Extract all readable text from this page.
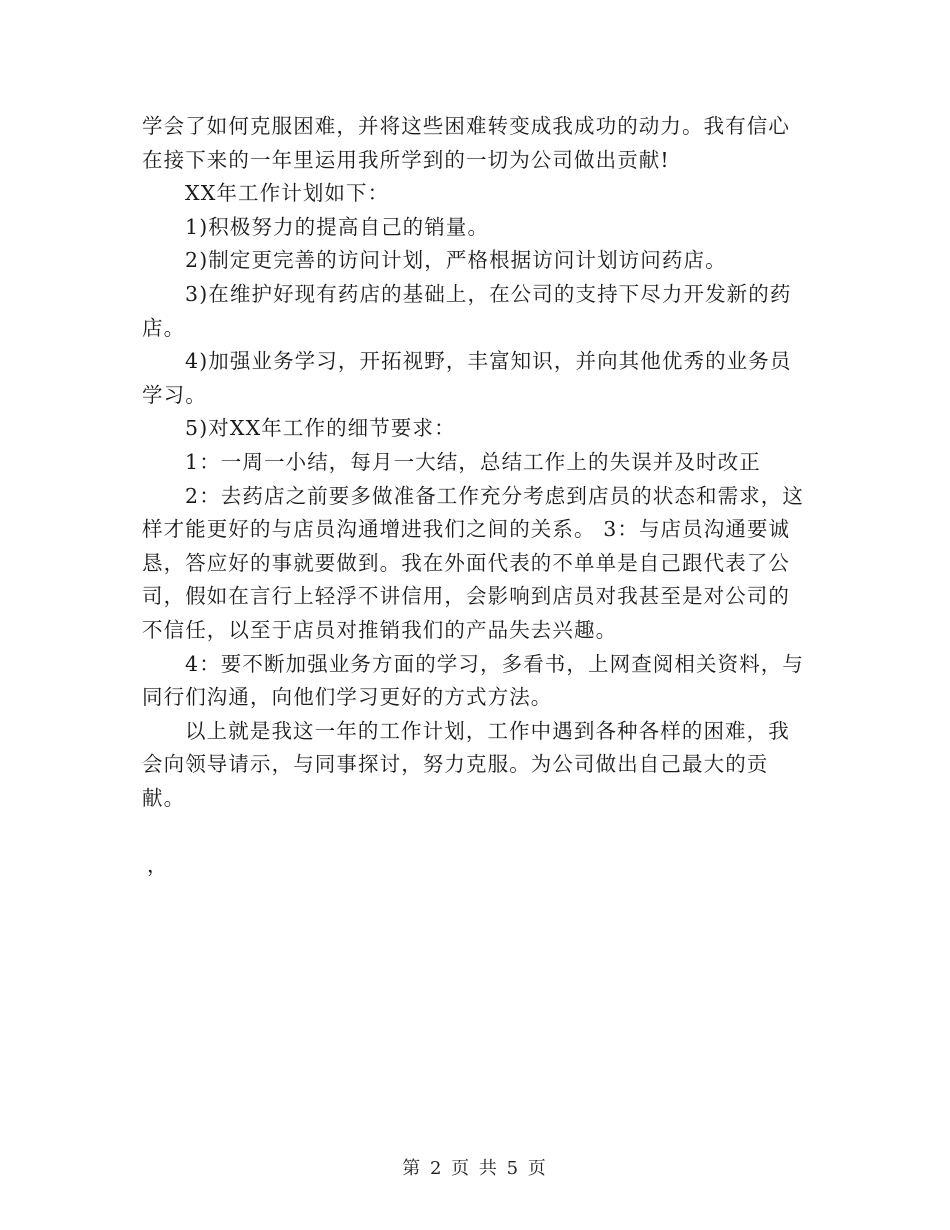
学会了如何克服困难，并将这些困难转变成我成功的动力。我有信心在接下来的一年里运用我所学到的一切为公司做出贡献!

XX年工作计划如下：

1)积极努力的提高自己的销量。

2)制定更完善的访问计划，严格根据访问计划访问药店。

3)在维护好现有药店的基础上，在公司的支持下尽力开发新的药店。

4)加强业务学习，开拓视野，丰富知识，并向其他优秀的业务员学习。

5)对XX年工作的细节要求：

1：一周一小结，每月一大结，总结工作上的失误并及时改正

2：去药店之前要多做准备工作充分考虑到店员的状态和需求，这样才能更好的与店员沟通增进我们之间的关系。 3：与店员沟通要诚恳，答应好的事就要做到。我在外面代表的不单单是自己跟代表了公司，假如在言行上轻浮不讲信用，会影响到店员对我甚至是对公司的不信任，以至于店员对推销我们的产品失去兴趣。

4：要不断加强业务方面的学习，多看书，上网查阅相关资料，与同行们沟通，向他们学习更好的方式方法。

以上就是我这一年的工作计划，工作中遇到各种各样的困难，我会向领导请示，与同事探讨，努力克服。为公司做出自己最大的贡献。

，
第 2 页 共 5 页
